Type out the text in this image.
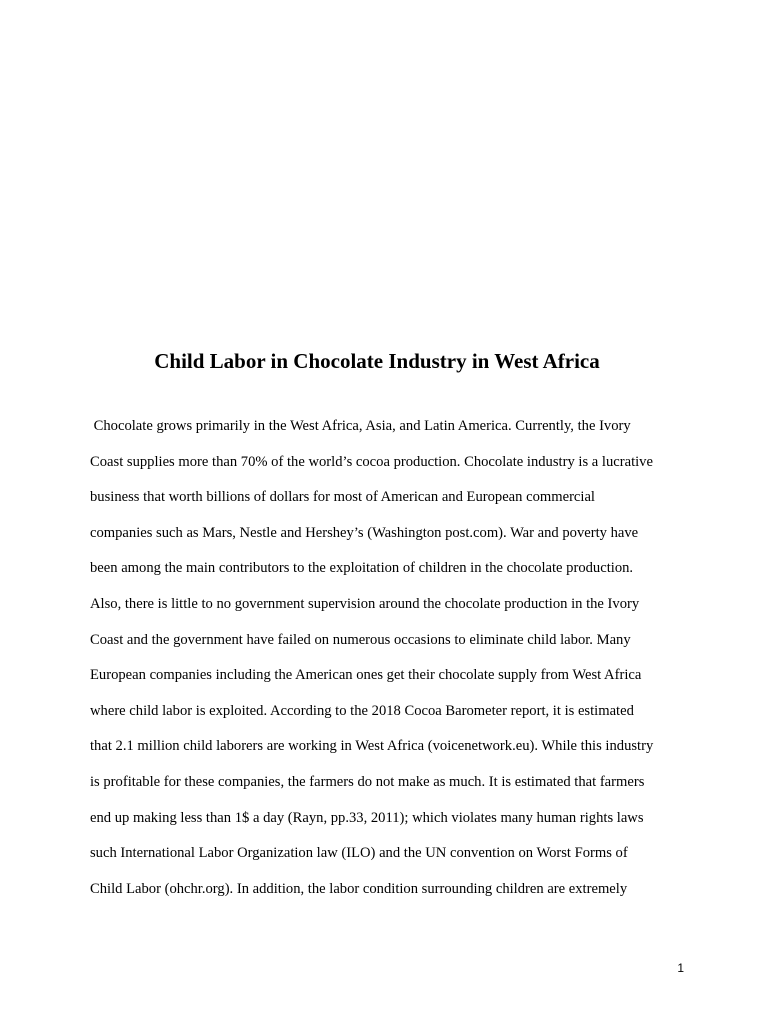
Child Labor in Chocolate Industry in West Africa
Chocolate grows primarily in the West Africa, Asia, and Latin America. Currently, the Ivory
Coast supplies more than 70% of the world’s cocoa production. Chocolate industry is a lucrative
business that worth billions of dollars for most of American and European commercial
companies such as Mars, Nestle and Hershey’s (Washington post.com). War and poverty have
been among the main contributors to the exploitation of children in the chocolate production.
Also, there is little to no government supervision around the chocolate production in the Ivory
Coast and the government have failed on numerous occasions to eliminate child labor. Many
European companies including the American ones get their chocolate supply from West Africa
where child labor is exploited. According to the 2018 Cocoa Barometer report, it is estimated
that 2.1 million child laborers are working in West Africa (voicenetwork.eu). While this industry
is profitable for these companies, the farmers do not make as much. It is estimated that farmers
end up making less than 1$ a day (Rayn, pp.33, 2011); which violates many human rights laws
such International Labor Organization law (ILO) and the UN convention on Worst Forms of
Child Labor (ohchr.org). In addition, the labor condition surrounding children are extremely
1
